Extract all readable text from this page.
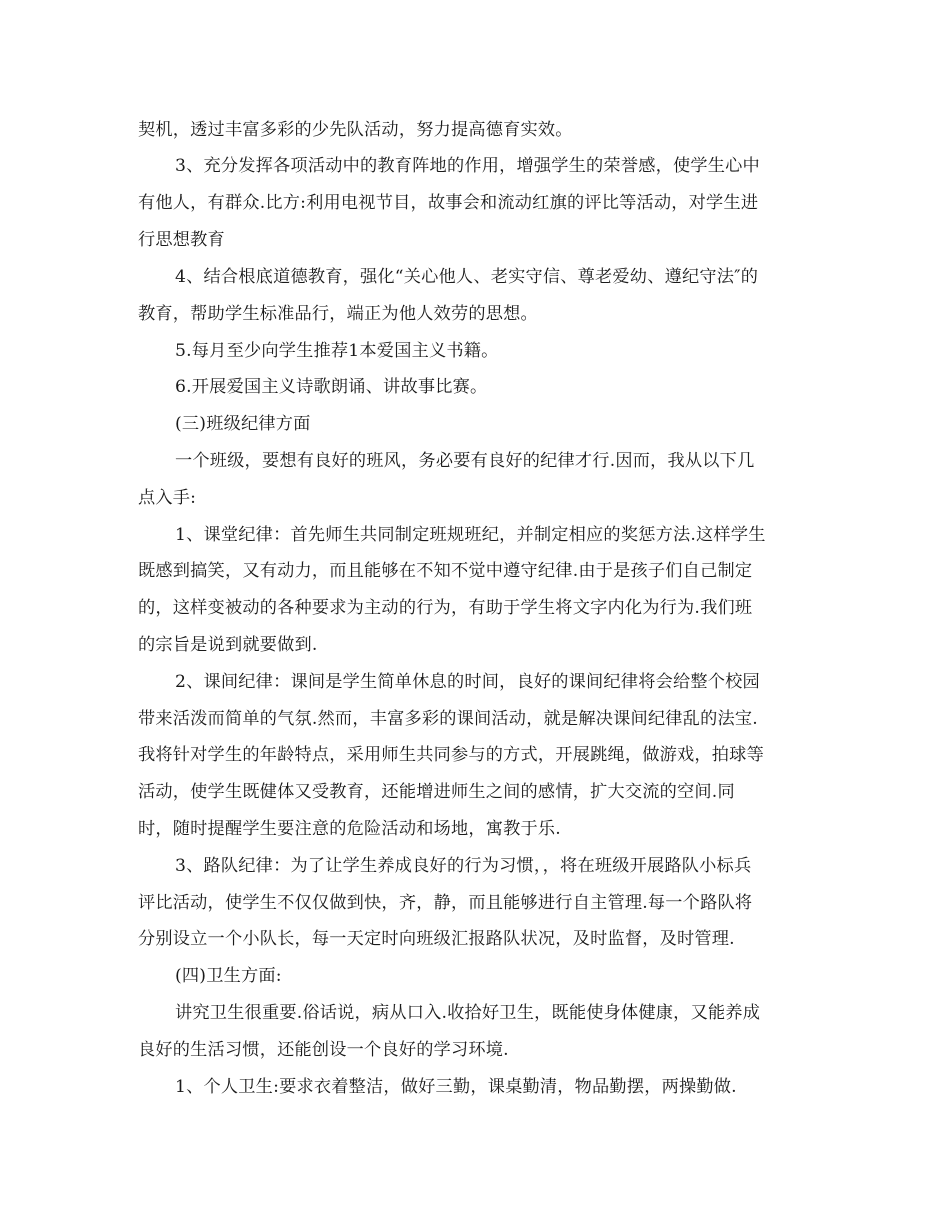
契机，透过丰富多彩的少先队活动，努力提高德育实效。
3、充分发挥各项活动中的教育阵地的作用，增强学生的荣誉感，使学生心中
有他人，有群众.比方:利用电视节目，故事会和流动红旗的评比等活动，对学生进
行思想教育
4、结合根底道德教育，强化“关心他人、老实守信、尊老爱幼、遵纪守法″的
教育，帮助学生标准品行，端正为他人效劳的思想。
5.每月至少向学生推荐1本爱国主义书籍。
6.开展爱国主义诗歌朗诵、讲故事比赛。
(三)班级纪律方面
一个班级，要想有良好的班风，务必要有良好的纪律才行.因而，我从以下几
点入手:
1、课堂纪律：首先师生共同制定班规班纪，并制定相应的奖惩方法.这样学生
既感到搞笑，又有动力，而且能够在不知不觉中遵守纪律.由于是孩子们自己制定
的，这样变被动的各种要求为主动的行为，有助于学生将文字内化为行为.我们班
的宗旨是说到就要做到.
2、课间纪律：课间是学生简单休息的时间，良好的课间纪律将会给整个校园
带来活泼而简单的气氛.然而，丰富多彩的课间活动，就是解决课间纪律乱的法宝.
我将针对学生的年龄特点，采用师生共同参与的方式，开展跳绳，做游戏，拍球等
活动，使学生既健体又受教育，还能增进师生之间的感情，扩大交流的空间.同
时，随时提醒学生要注意的危险活动和场地，寓教于乐.
3、路队纪律：为了让学生养成良好的行为习惯，，将在班级开展路队小标兵
评比活动，使学生不仅仅做到快，齐，静，而且能够进行自主管理.每一个路队将
分别设立一个小队长，每一天定时向班级汇报路队状况，及时监督，及时管理.
(四)卫生方面:
讲究卫生很重要.俗话说，病从口入.收拾好卫生，既能使身体健康，又能养成
良好的生活习惯，还能创设一个良好的学习环境.
1、个人卫生:要求衣着整洁，做好三勤，课桌勤清，物品勤摆，两操勤做.
